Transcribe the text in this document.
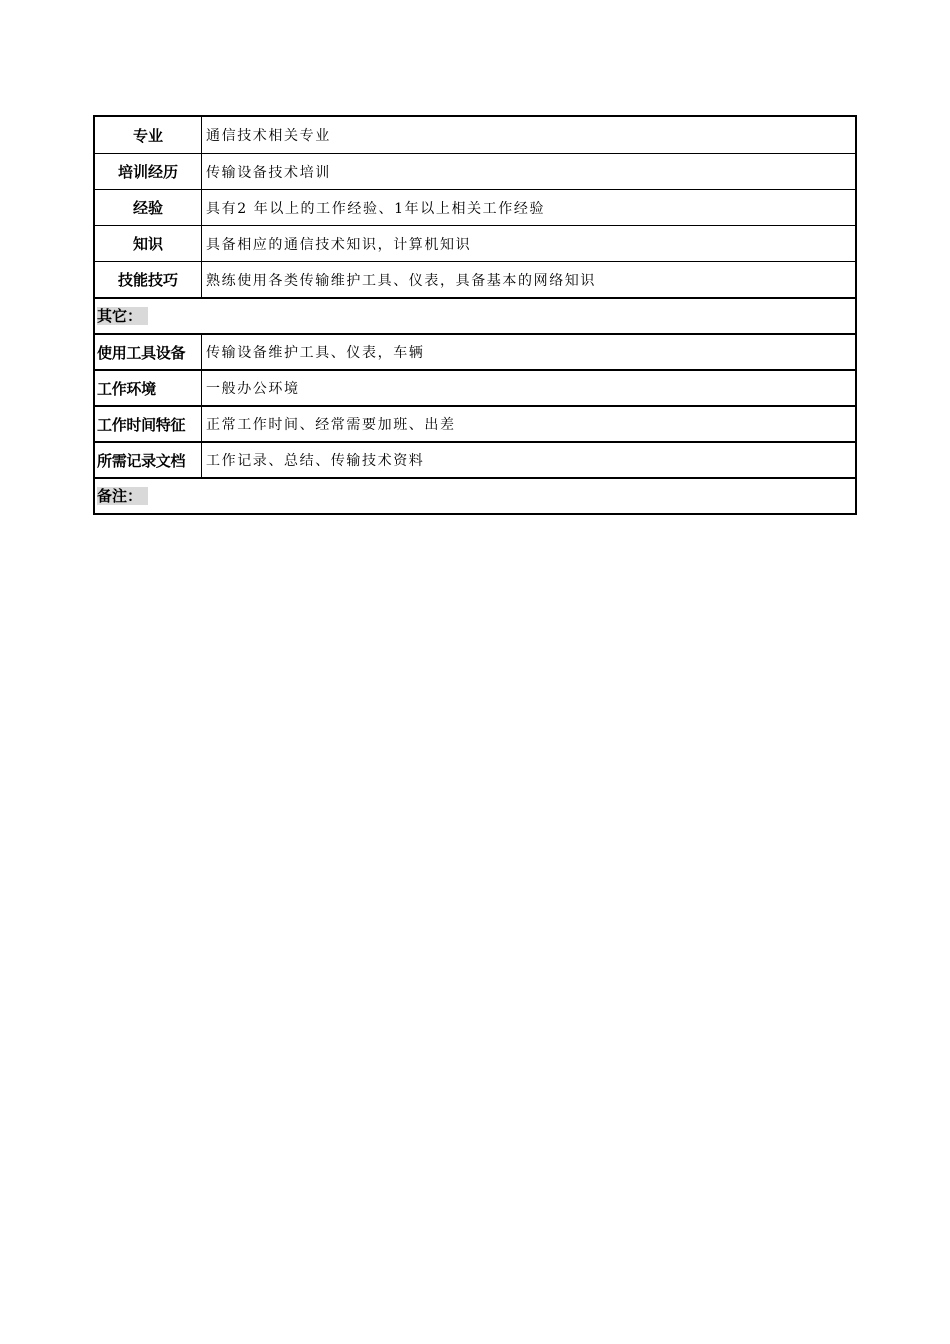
专业	通信技术相关专业
培训经历	传输设备技术培训
经验	具有2 年以上的工作经验、1年以上相关工作经验
知识	具备相应的通信技术知识，计算机知识
技能技巧	熟练使用各类传输维护工具、仪表，具备基本的网络知识
其它：
使用工具设备	传输设备维护工具、仪表，车辆
工作环境	一般办公环境
工作时间特征	正常工作时间、经常需要加班、出差
所需记录文档	工作记录、总结、传输技术资料
备注：
